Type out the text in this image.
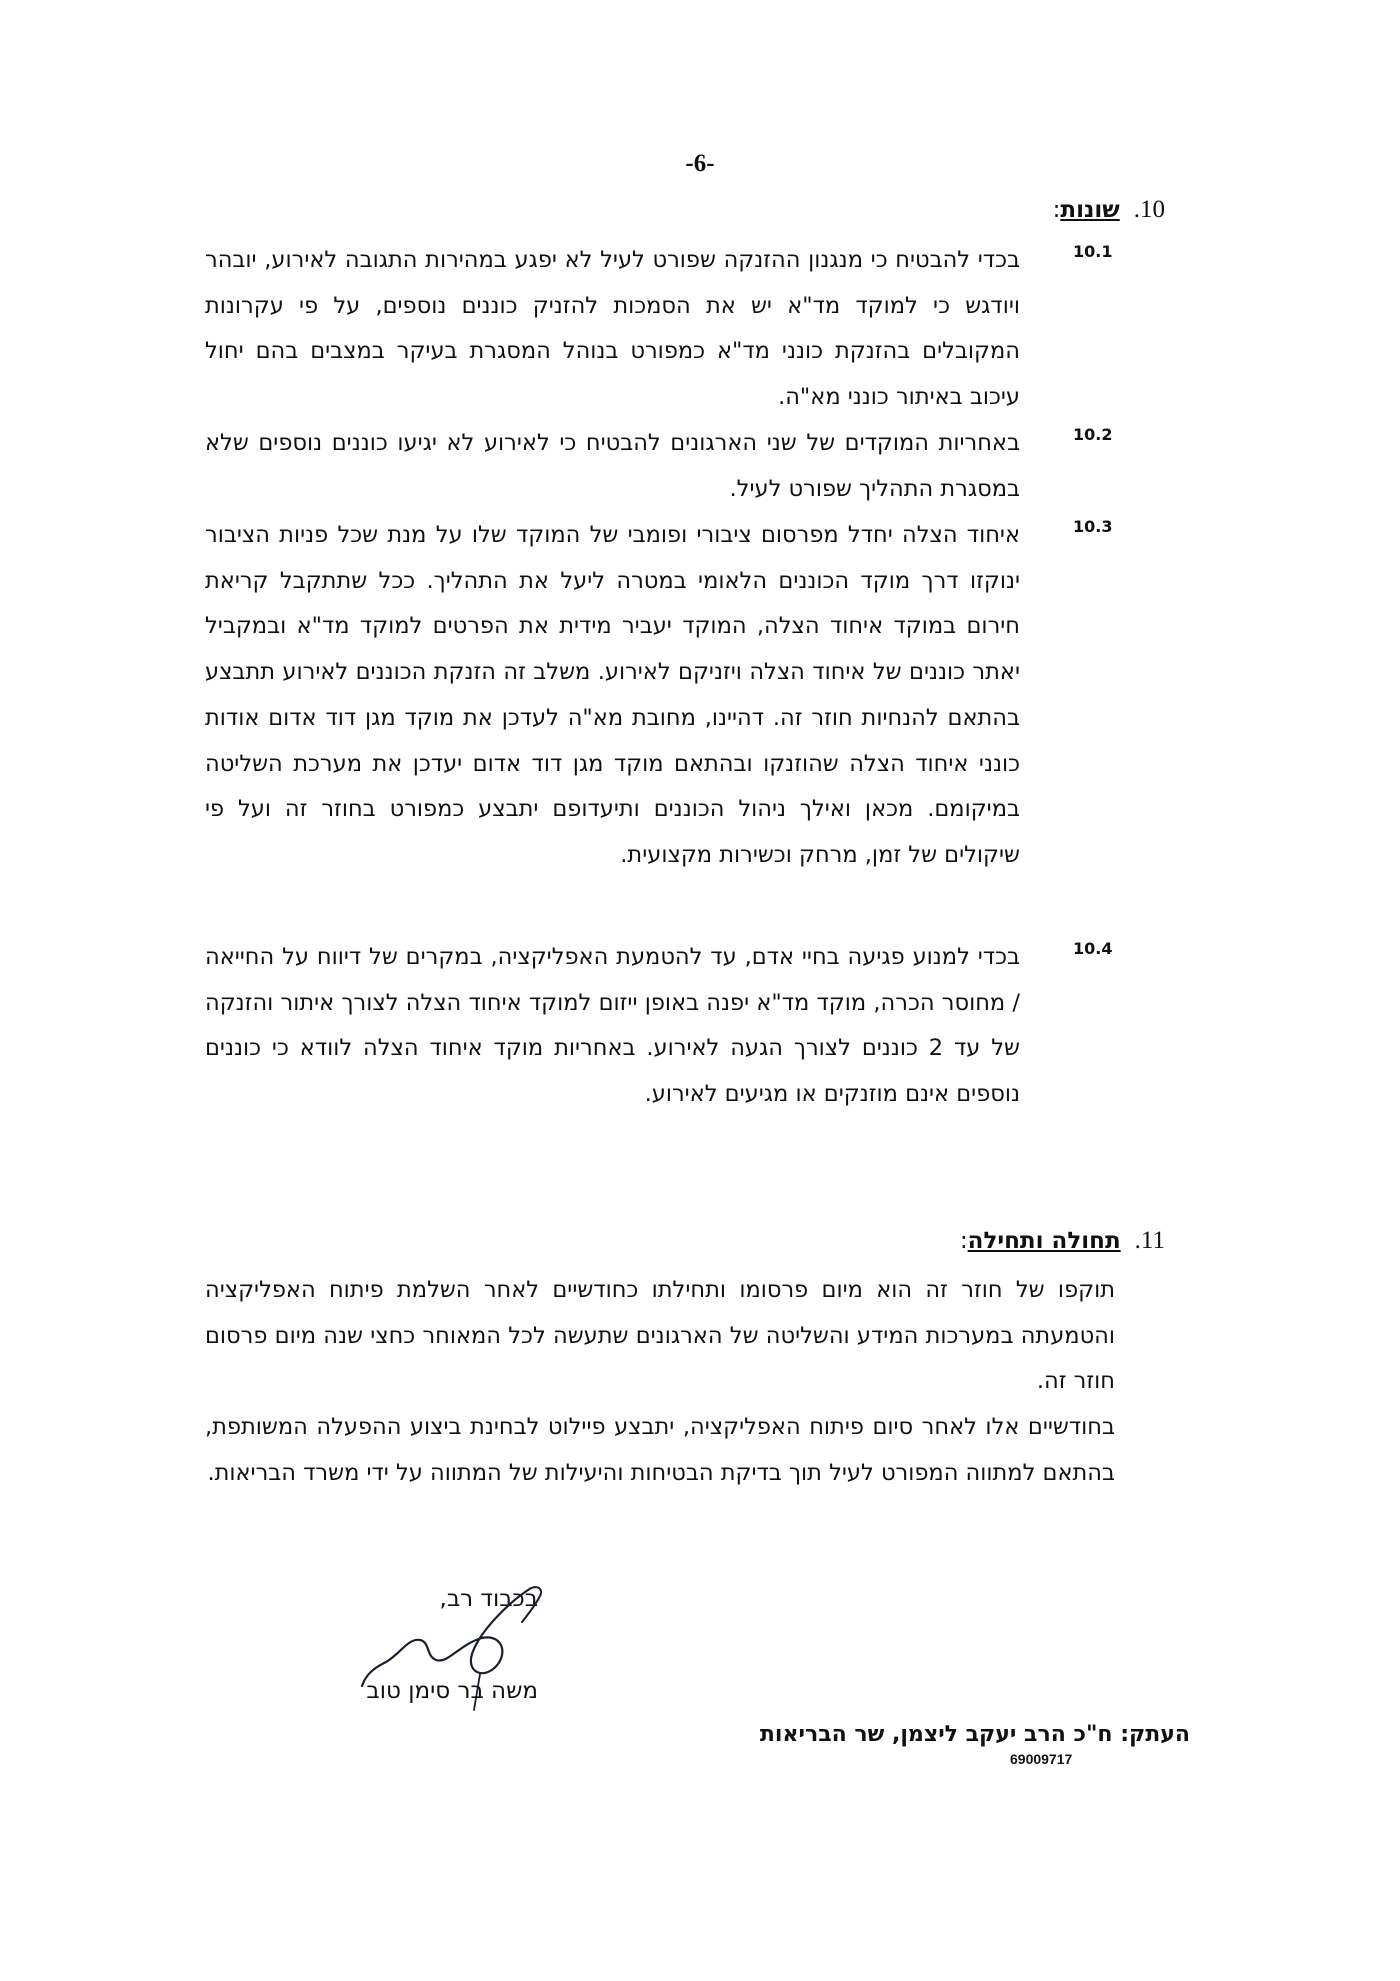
-6-
10.שונות:
10.1
בכדי להבטיח כי מנגנון ההזנקה שפורט לעיל לא יפגע במהירות התגובה לאירוע, יובהר ויודגש כי למוקד מד"א יש את הסמכות להזניק כוננים נוספים, על פי עקרונות המקובלים בהזנקת כונני מד"א כמפורט בנוהל המסגרת בעיקר במצבים בהם יחול עיכוב באיתור כונני מא"ה.
10.2
באחריות המוקדים של שני הארגונים להבטיח כי לאירוע לא יגיעו כוננים נוספים שלא במסגרת התהליך שפורט לעיל.
10.3
איחוד הצלה יחדל מפרסום ציבורי ופומבי של המוקד שלו על מנת שכל פניות הציבור ינוקזו דרך מוקד הכוננים הלאומי במטרה ליעל את התהליך. ככל שתתקבל קריאת חירום במוקד איחוד הצלה, המוקד יעביר מידית את הפרטים למוקד מד"א ובמקביל יאתר כוננים של איחוד הצלה ויזניקם לאירוע. משלב זה הזנקת הכוננים לאירוע תתבצע בהתאם להנחיות חוזר זה. דהיינו, מחובת מא"ה לעדכן את מוקד מגן דוד אדום אודות כונני איחוד הצלה שהוזנקו ובהתאם מוקד מגן דוד אדום יעדכן את מערכת השליטה במיקומם. מכאן ואילך ניהול הכוננים ותיעדופם יתבצע כמפורט בחוזר זה ועל פי שיקולים של זמן, מרחק וכשירות מקצועית.
10.4
בכדי למנוע פגיעה בחיי אדם, עד להטמעת האפליקציה, במקרים של דיווח על החייאה / מחוסר הכרה, מוקד מד"א יפנה באופן ייזום למוקד איחוד הצלה לצורך איתור והזנקה של עד 2 כוננים לצורך הגעה לאירוע. באחריות מוקד איחוד הצלה לוודא כי כוננים נוספים אינם מוזנקים או מגיעים לאירוע.
11.תחולה ותחילה:
תוקפו של חוזר זה הוא מיום פרסומו ותחילתו כחודשיים לאחר השלמת פיתוח האפליקציה והטמעתה במערכות המידע והשליטה של הארגונים שתעשה לכל המאוחר כחצי שנה מיום פרסום חוזר זה.
בחודשיים אלו לאחר סיום פיתוח האפליקציה, יתבצע פיילוט לבחינת ביצוע ההפעלה המשותפת, בהתאם למתווה המפורט לעיל תוך בדיקת הבטיחות והיעילות של המתווה על ידי משרד הבריאות.
בכבוד רב,
משה בר סימן טוב
העתק: ח"כ הרב יעקב ליצמן, שר הבריאות
69009717
